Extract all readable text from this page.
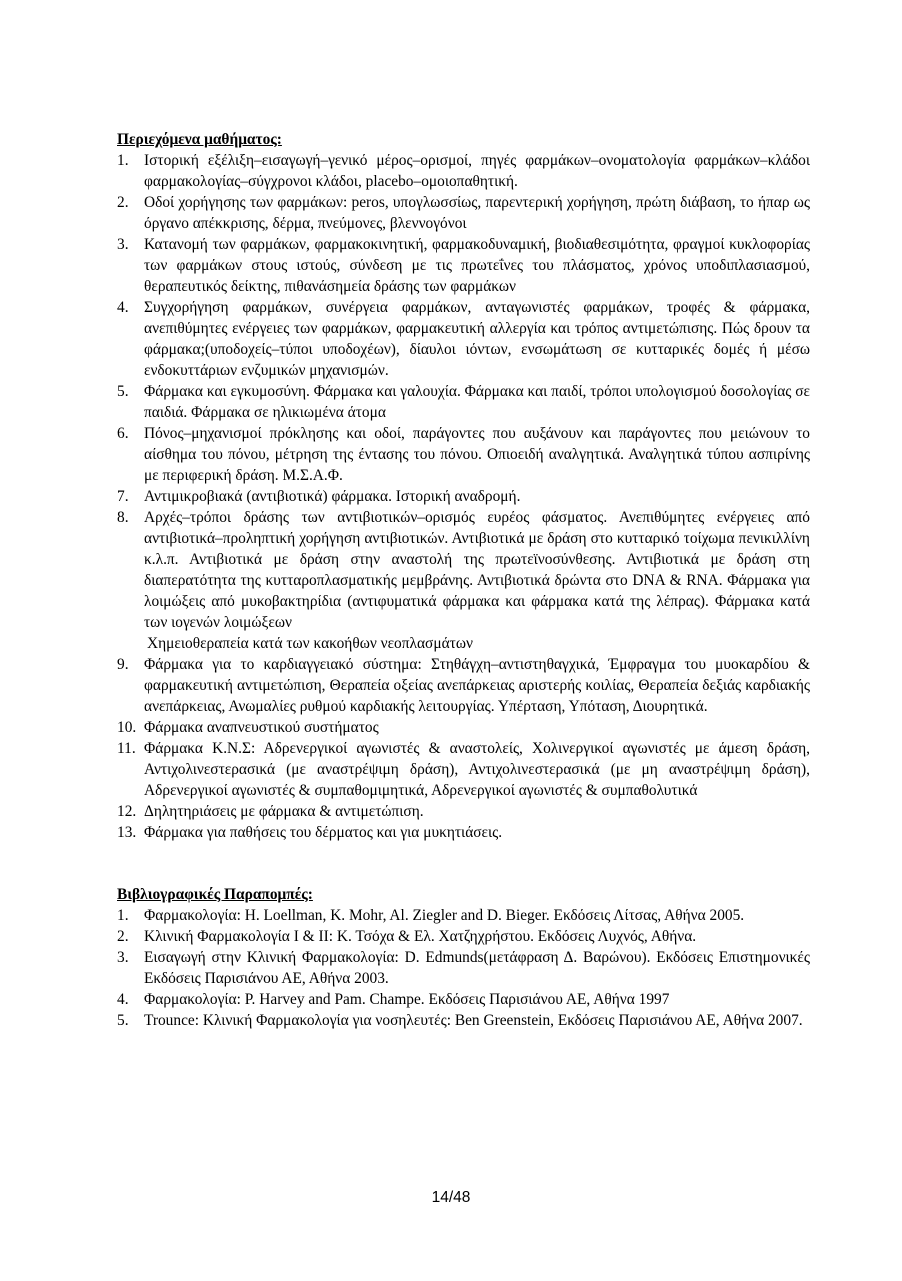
Περιεχόμενα μαθήματος:

1. Ιστορική εξέλιξη–εισαγωγή–γενικό μέρος–ορισμοί, πηγές φαρμάκων–ονοματολογία φαρμάκων–κλάδοι φαρμακολογίας–σύγχρονοι κλάδοι, placebo–ομοιοπαθητική.
2. Οδοί χορήγησης των φαρμάκων: peros, υπογλωσσίως, παρεντερική χορήγηση, πρώτη διάβαση, το ήπαρ ως όργανο απέκκρισης, δέρμα, πνεύμονες, βλεννογόνοι
3. Κατανομή των φαρμάκων, φαρμακοκινητική, φαρμακοδυναμική, βιοδιαθεσιμότητα, φραγμοί κυκλοφορίας των φαρμάκων στους ιστούς, σύνδεση με τις πρωτεΐνες του πλάσματος, χρόνος υποδιπλασιασμού, θεραπευτικός δείκτης, πιθανάσημεία δράσης των φαρμάκων
4. Συγχορήγηση φαρμάκων, συνέργεια φαρμάκων, ανταγωνιστές φαρμάκων, τροφές & φάρμακα, ανεπιθύμητες ενέργειες των φαρμάκων, φαρμακευτική αλλεργία και τρόπος αντιμετώπισης. Πώς δρουν τα φάρμακα;(υποδοχείς–τύποι υποδοχέων), δίαυλοι ιόντων, ενσωμάτωση σε κυτταρικές δομές ή μέσω ενδοκυττάριων ενζυμικών μηχανισμών.
5. Φάρμακα και εγκυμοσύνη. Φάρμακα και γαλουχία. Φάρμακα και παιδί, τρόποι υπολογισμού δοσολογίας σε παιδιά. Φάρμακα σε ηλικιωμένα άτομα
6. Πόνος–μηχανισμοί πρόκλησης και οδοί, παράγοντες που αυξάνουν και παράγοντες που μειώνουν το αίσθημα του πόνου, μέτρηση της έντασης του πόνου. Οπιοειδή αναλγητικά. Αναλγητικά τύπου ασπιρίνης με περιφερική δράση. Μ.Σ.Α.Φ.
7. Αντιμικροβιακά (αντιβιοτικά) φάρμακα. Ιστορική αναδρομή.
8. Αρχές–τρόποι δράσης των αντιβιοτικών–ορισμός ευρέος φάσματος. Ανεπιθύμητες ενέργειες από αντιβιοτικά–προληπτική χορήγηση αντιβιοτικών. Αντιβιοτικά με δράση στο κυτταρικό τοίχωμα πενικιλλίνη κ.λ.π. Αντιβιοτικά με δράση στην αναστολή της πρωτεϊνοσύνθεσης. Αντιβιοτικά με δράση στη διαπερατότητα της κυτταροπλασματικής μεμβράνης. Αντιβιοτικά δρώντα στο DNA & RNA. Φάρμακα για λοιμώξεις από μυκοβακτηρίδια (αντιφυματικά φάρμακα και φάρμακα κατά της λέπρας). Φάρμακα κατά των ιογενών λοιμώξεων
Χημειοθεραπεία κατά των κακοήθων νεοπλασμάτων
9. Φάρμακα για το καρδιαγγειακό σύστημα: Στηθάγχη–αντιστηθαγχικά, Έμφραγμα του μυοκαρδίου & φαρμακευτική αντιμετώπιση, Θεραπεία οξείας ανεπάρκειας αριστερής κοιλίας, Θεραπεία δεξιάς καρδιακής ανεπάρκειας, Ανωμαλίες ρυθμού καρδιακής λειτουργίας. Υπέρταση, Υπόταση, Διουρητικά.
10. Φάρμακα αναπνευστικού συστήματος
11. Φάρμακα Κ.Ν.Σ: Αδρενεργικοί αγωνιστές & αναστολείς, Χολινεργικοί αγωνιστές με άμεση δράση, Αντιχολινεστερασικά (με αναστρέψιμη δράση), Αντιχολινεστερασικά (με μη αναστρέψιμη δράση), Αδρενεργικοί αγωνιστές & συμπαθομιμητικά, Αδρενεργικοί αγωνιστές & συμπαθολυτικά
12. Δηλητηριάσεις με φάρμακα & αντιμετώπιση.
13. Φάρμακα για παθήσεις του δέρματος και για μυκητιάσεις.

Βιβλιογραφικές Παραπομπές:

1. Φαρμακολογία: H. Loellman, K. Mohr, Al. Ziegler and D. Bieger. Εκδόσεις Λίτσας, Αθήνα 2005.
2. Κλινική Φαρμακολογία I & II: Κ. Τσόχα & Ελ. Χατζηχρήστου. Εκδόσεις Λυχνός, Αθήνα.
3. Εισαγωγή στην Κλινική Φαρμακολογία: D. Edmunds(μετάφραση Δ. Βαρώνου). Εκδόσεις Επιστημονικές Εκδόσεις Παρισιάνου ΑΕ, Αθήνα 2003.
4. Φαρμακολογία: P. Harvey and Pam. Champe. Εκδόσεις Παρισιάνου ΑΕ, Αθήνα 1997
5. Trounce: Κλινική Φαρμακολογία για νοσηλευτές: Ben Greenstein, Εκδόσεις Παρισιάνου ΑΕ, Αθήνα 2007.
14/48
